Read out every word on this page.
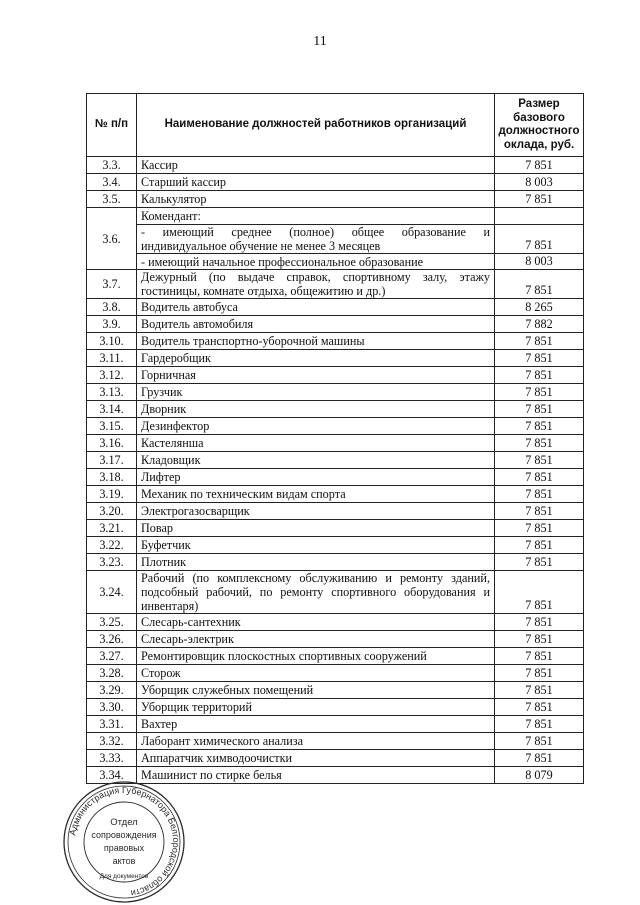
11
№ п/п	Наименование должностей работников организаций	Размер базового должностного оклада, руб.
3.3.	Кассир	7 851
3.4.	Старший кассир	8 003
3.5.	Калькулятор	7 851
3.6.	Комендант:	
	- имеющий среднее (полное) общее образование и индивидуальное обучение не менее 3 месяцев	7 851
	- имеющий начальное профессиональное образование	8 003
3.7.	Дежурный (по выдаче справок, спортивному залу, этажу гостиницы, комнате отдыха, общежитию и др.)	7 851
3.8.	Водитель автобуса	8 265
3.9.	Водитель автомобиля	7 882
3.10.	Водитель транспортно-уборочной машины	7 851
3.11.	Гардеробщик	7 851
3.12.	Горничная	7 851
3.13.	Грузчик	7 851
3.14.	Дворник	7 851
3.15.	Дезинфектор	7 851
3.16.	Кастелянша	7 851
3.17.	Кладовщик	7 851
3.18.	Лифтер	7 851
3.19.	Механик по техническим видам спорта	7 851
3.20.	Электрогазосварщик	7 851
3.21.	Повар	7 851
3.22.	Буфетчик	7 851
3.23.	Плотник	7 851
3.24.	Рабочий (по комплексному обслуживанию и ремонту зданий, подсобный рабочий, по ремонту спортивного оборудования и инвентаря)	7 851
3.25.	Слесарь-сантехник	7 851
3.26.	Слесарь-электрик	7 851
3.27.	Ремонтировщик плоскостных спортивных сооружений	7 851
3.28.	Сторож	7 851
3.29.	Уборщик служебных помещений	7 851
3.30.	Уборщик территорий	7 851
3.31.	Вахтер	7 851
3.32.	Лаборант химического анализа	7 851
3.33.	Аппаратчик химводоочистки	7 851
3.34.	Машинист по стирке белья	8 079
Администрация Губернатора Белгородской области
Отдел
сопровождения
правовых
актов
Для документов
